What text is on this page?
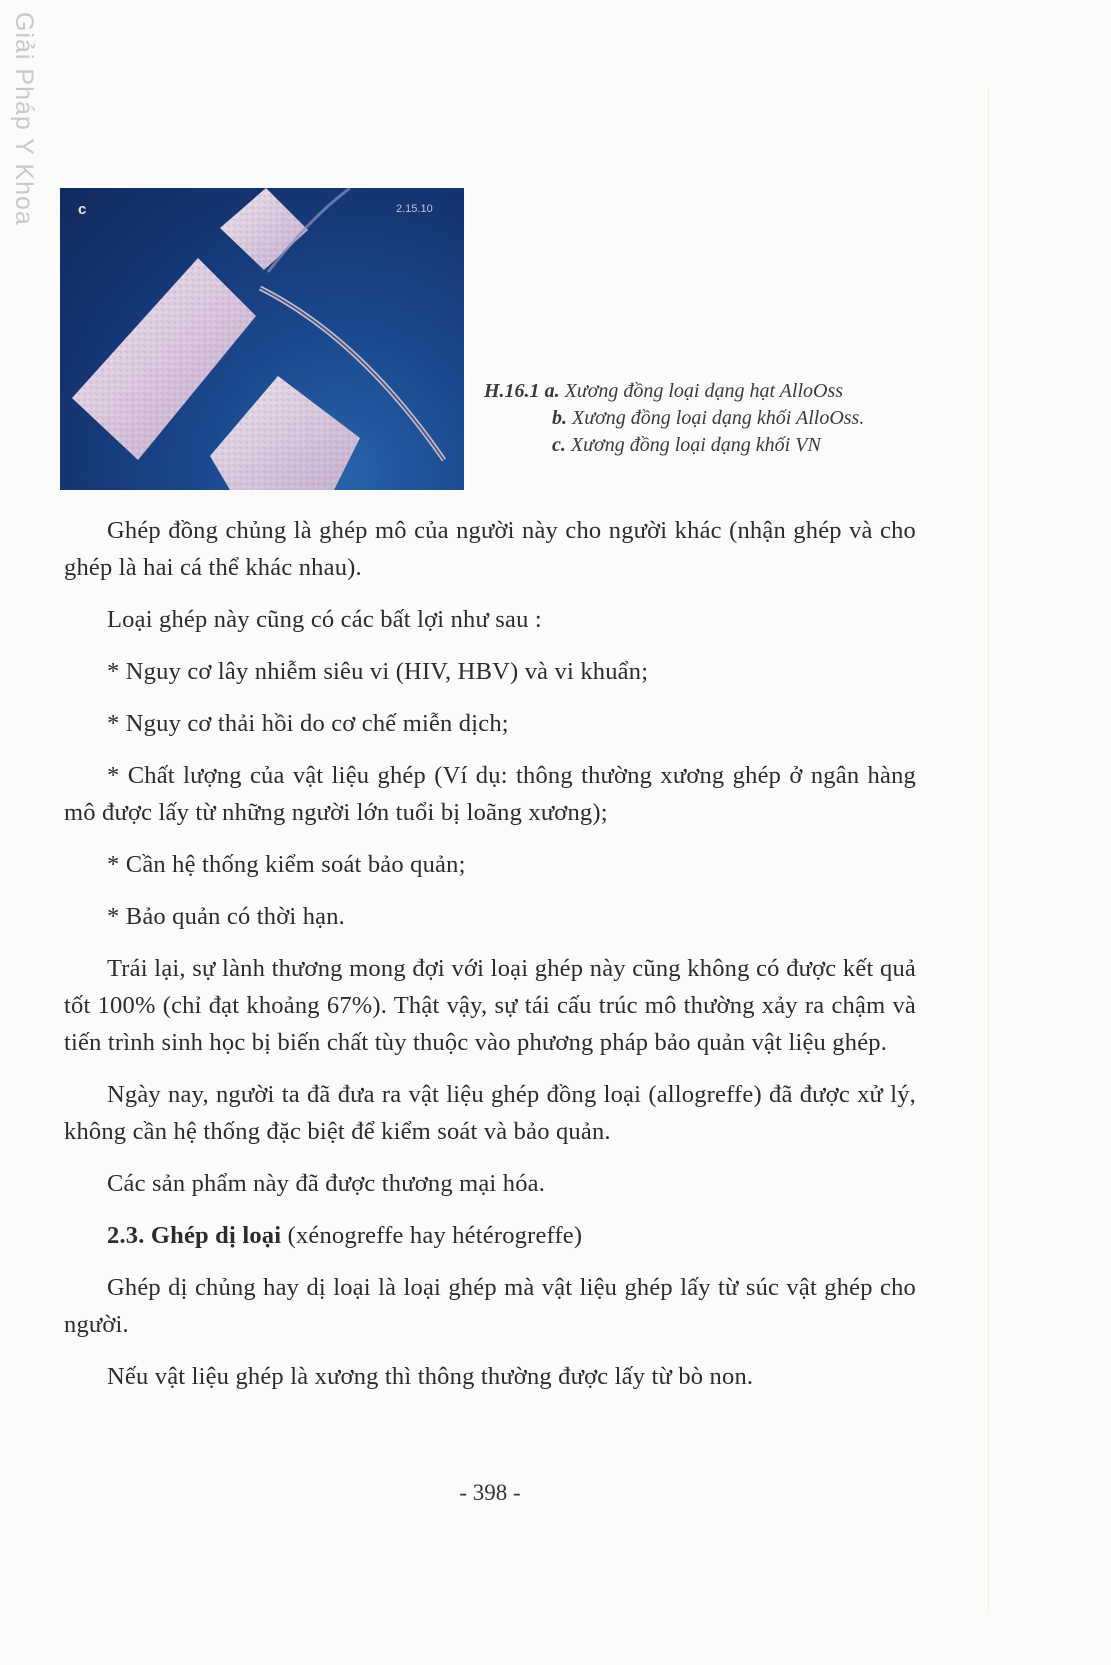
Giải Pháp Y Khoa	c	2.15.10
H.16.1 a. Xương đồng loại dạng hạt AlloOss
b. Xương đồng loại dạng khối AlloOss.
c. Xương đồng loại dạng khối VN

Ghép đồng chủng là ghép mô của người này cho người khác (nhận ghép và cho ghép là hai cá thể khác nhau).

Loại ghép này cũng có các bất lợi như sau :

* Nguy cơ lây nhiễm siêu vi (HIV, HBV) và vi khuẩn;

* Nguy cơ thải hồi do cơ chế miễn dịch;

* Chất lượng của vật liệu ghép (Ví dụ: thông thường xương ghép ở ngân hàng mô được lấy từ những người lớn tuổi bị loãng xương);

* Cần hệ thống kiểm soát bảo quản;

* Bảo quản có thời hạn.

Trái lại, sự lành thương mong đợi với loại ghép này cũng không có được kết quả tốt 100% (chỉ đạt khoảng 67%). Thật vậy, sự tái cấu trúc mô thường xảy ra chậm và tiến trình sinh học bị biến chất tùy thuộc vào phương pháp bảo quản vật liệu ghép.

Ngày nay, người ta đã đưa ra vật liệu ghép đồng loại (allogreffe) đã được xử lý, không cần hệ thống đặc biệt để kiểm soát và bảo quản.

Các sản phẩm này đã được thương mại hóa.

2.3. Ghép dị loại (xénogreffe hay hétérogreffe)

Ghép dị chủng hay dị loại là loại ghép mà vật liệu ghép lấy từ súc vật ghép cho người.

Nếu vật liệu ghép là xương thì thông thường được lấy từ bò non.

- 398 -
